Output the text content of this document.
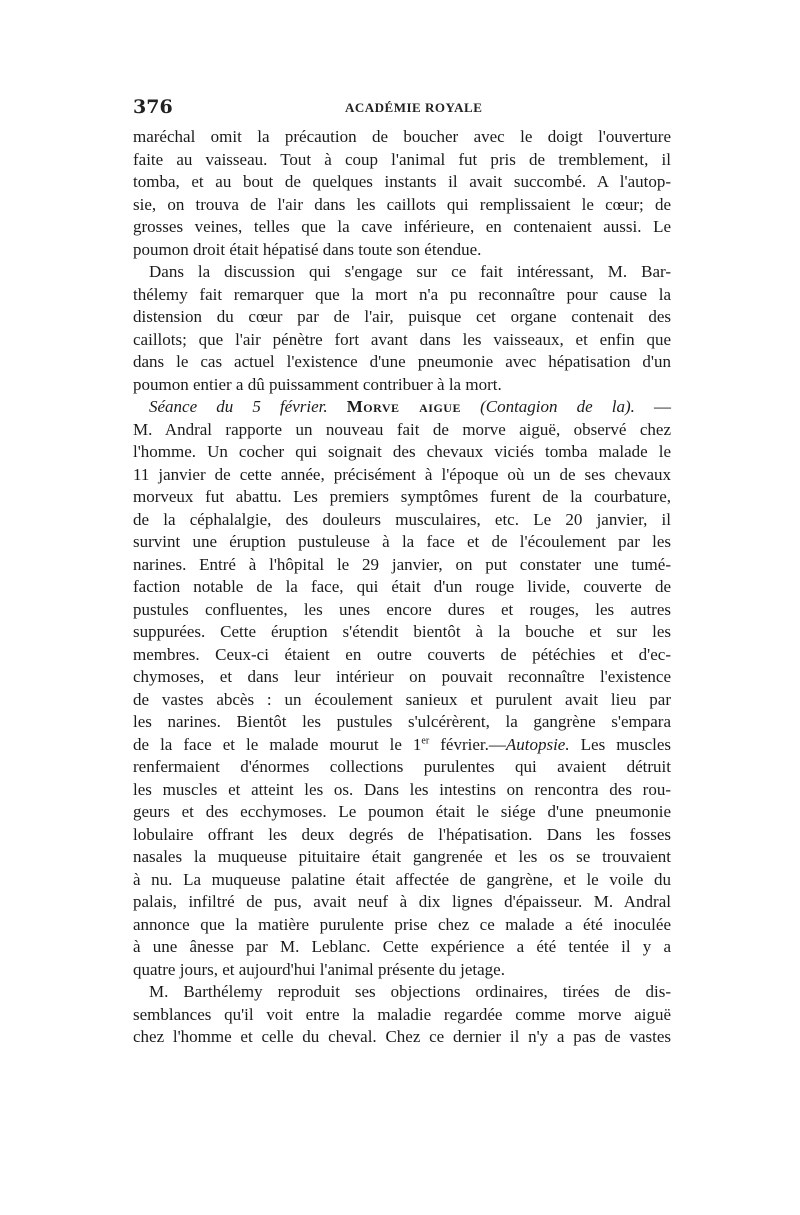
376	ACADÉMIE ROYALE
maréchal omit la précaution de boucher avec le doigt l'ouverture
faite au vaisseau. Tout à coup l'animal fut pris de tremblement, il
tomba, et au bout de quelques instants il avait succombé. A l'autop-
sie, on trouva de l'air dans les caillots qui remplissaient le cœur; de
grosses veines, telles que la cave inférieure, en contenaient aussi. Le
poumon droit était hépatisé dans toute son étendue.
Dans la discussion qui s'engage sur ce fait intéressant, M. Bar-
thélemy fait remarquer que la mort n'a pu reconnaître pour cause la
distension du cœur par de l'air, puisque cet organe contenait des
caillots; que l'air pénètre fort avant dans les vaisseaux, et enfin que
dans le cas actuel l'existence d'une pneumonie avec hépatisation d'un
poumon entier a dû puissamment contribuer à la mort.
Séance du 5 février. Morve aigue (Contagion de la). —
M. Andral rapporte un nouveau fait de morve aiguë, observé chez
l'homme. Un cocher qui soignait des chevaux viciés tomba malade le
11 janvier de cette année, précisément à l'époque où un de ses chevaux
morveux fut abattu. Les premiers symptômes furent de la courbature,
de la céphalalgie, des douleurs musculaires, etc. Le 20 janvier, il
survint une éruption pustuleuse à la face et de l'écoulement par les
narines. Entré à l'hôpital le 29 janvier, on put constater une tumé-
faction notable de la face, qui était d'un rouge livide, couverte de
pustules confluentes, les unes encore dures et rouges, les autres
suppurées. Cette éruption s'étendit bientôt à la bouche et sur les
membres. Ceux-ci étaient en outre couverts de pétéchies et d'ec-
chymoses, et dans leur intérieur on pouvait reconnaître l'existence
de vastes abcès : un écoulement sanieux et purulent avait lieu par
les narines. Bientôt les pustules s'ulcérèrent, la gangrène s'empara
de la face et le malade mourut le 1er février.—Autopsie. Les muscles
renfermaient d'énormes collections purulentes qui avaient détruit
les muscles et atteint les os. Dans les intestins on rencontra des rou-
geurs et des ecchymoses. Le poumon était le siége d'une pneumonie
lobulaire offrant les deux degrés de l'hépatisation. Dans les fosses
nasales la muqueuse pituitaire était gangrenée et les os se trouvaient
à nu. La muqueuse palatine était affectée de gangrène, et le voile du
palais, infiltré de pus, avait neuf à dix lignes d'épaisseur. M. Andral
annonce que la matière purulente prise chez ce malade a été inoculée
à une ânesse par M. Leblanc. Cette expérience a été tentée il y a
quatre jours, et aujourd'hui l'animal présente du jetage.
M. Barthélemy reproduit ses objections ordinaires, tirées de dis-
semblances qu'il voit entre la maladie regardée comme morve aiguë
chez l'homme et celle du cheval. Chez ce dernier il n'y a pas de vastes
